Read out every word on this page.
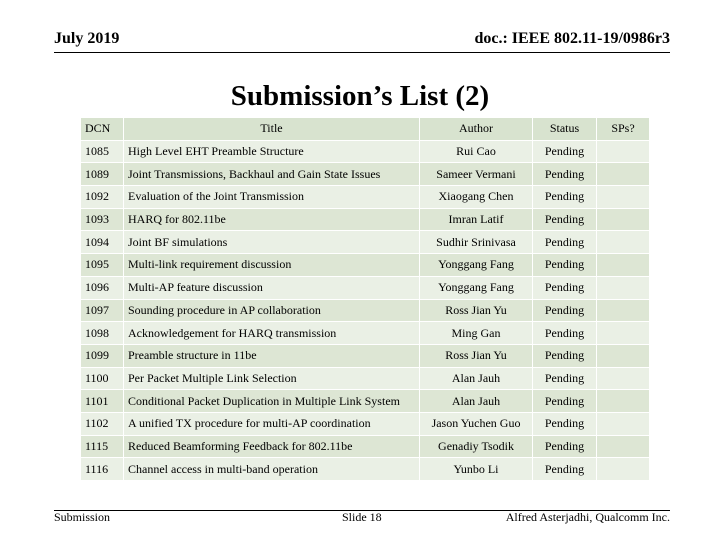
July 2019	doc.: IEEE 802.11-19/0986r3
Submission’s List (2)
DCN	Title	Author	Status	SPs?
1085	High Level EHT Preamble Structure	Rui Cao	Pending	
1089	Joint Transmissions, Backhaul and Gain State Issues	Sameer Vermani	Pending	
1092	Evaluation of the Joint Transmission	Xiaogang Chen	Pending	
1093	HARQ for 802.11be	Imran Latif	Pending	
1094	Joint BF simulations	Sudhir Srinivasa	Pending	
1095	Multi-link requirement discussion	Yonggang Fang	Pending	
1096	Multi-AP feature discussion	Yonggang Fang	Pending	
1097	Sounding procedure in AP collaboration	Ross Jian Yu	Pending	
1098	Acknowledgement for HARQ transmission	Ming Gan	Pending	
1099	Preamble structure in 11be	Ross Jian Yu	Pending	
1100	Per Packet Multiple Link Selection	Alan Jauh	Pending	
1101	Conditional Packet Duplication in Multiple Link System	Alan Jauh	Pending	
1102	A unified TX procedure for multi-AP coordination	Jason Yuchen Guo	Pending	
1115	Reduced Beamforming Feedback for 802.11be	Genadiy Tsodik	Pending	
1116	Channel access in multi-band operation	Yunbo Li	Pending	
Submission	Slide 18	Alfred Asterjadhi, Qualcomm Inc.
